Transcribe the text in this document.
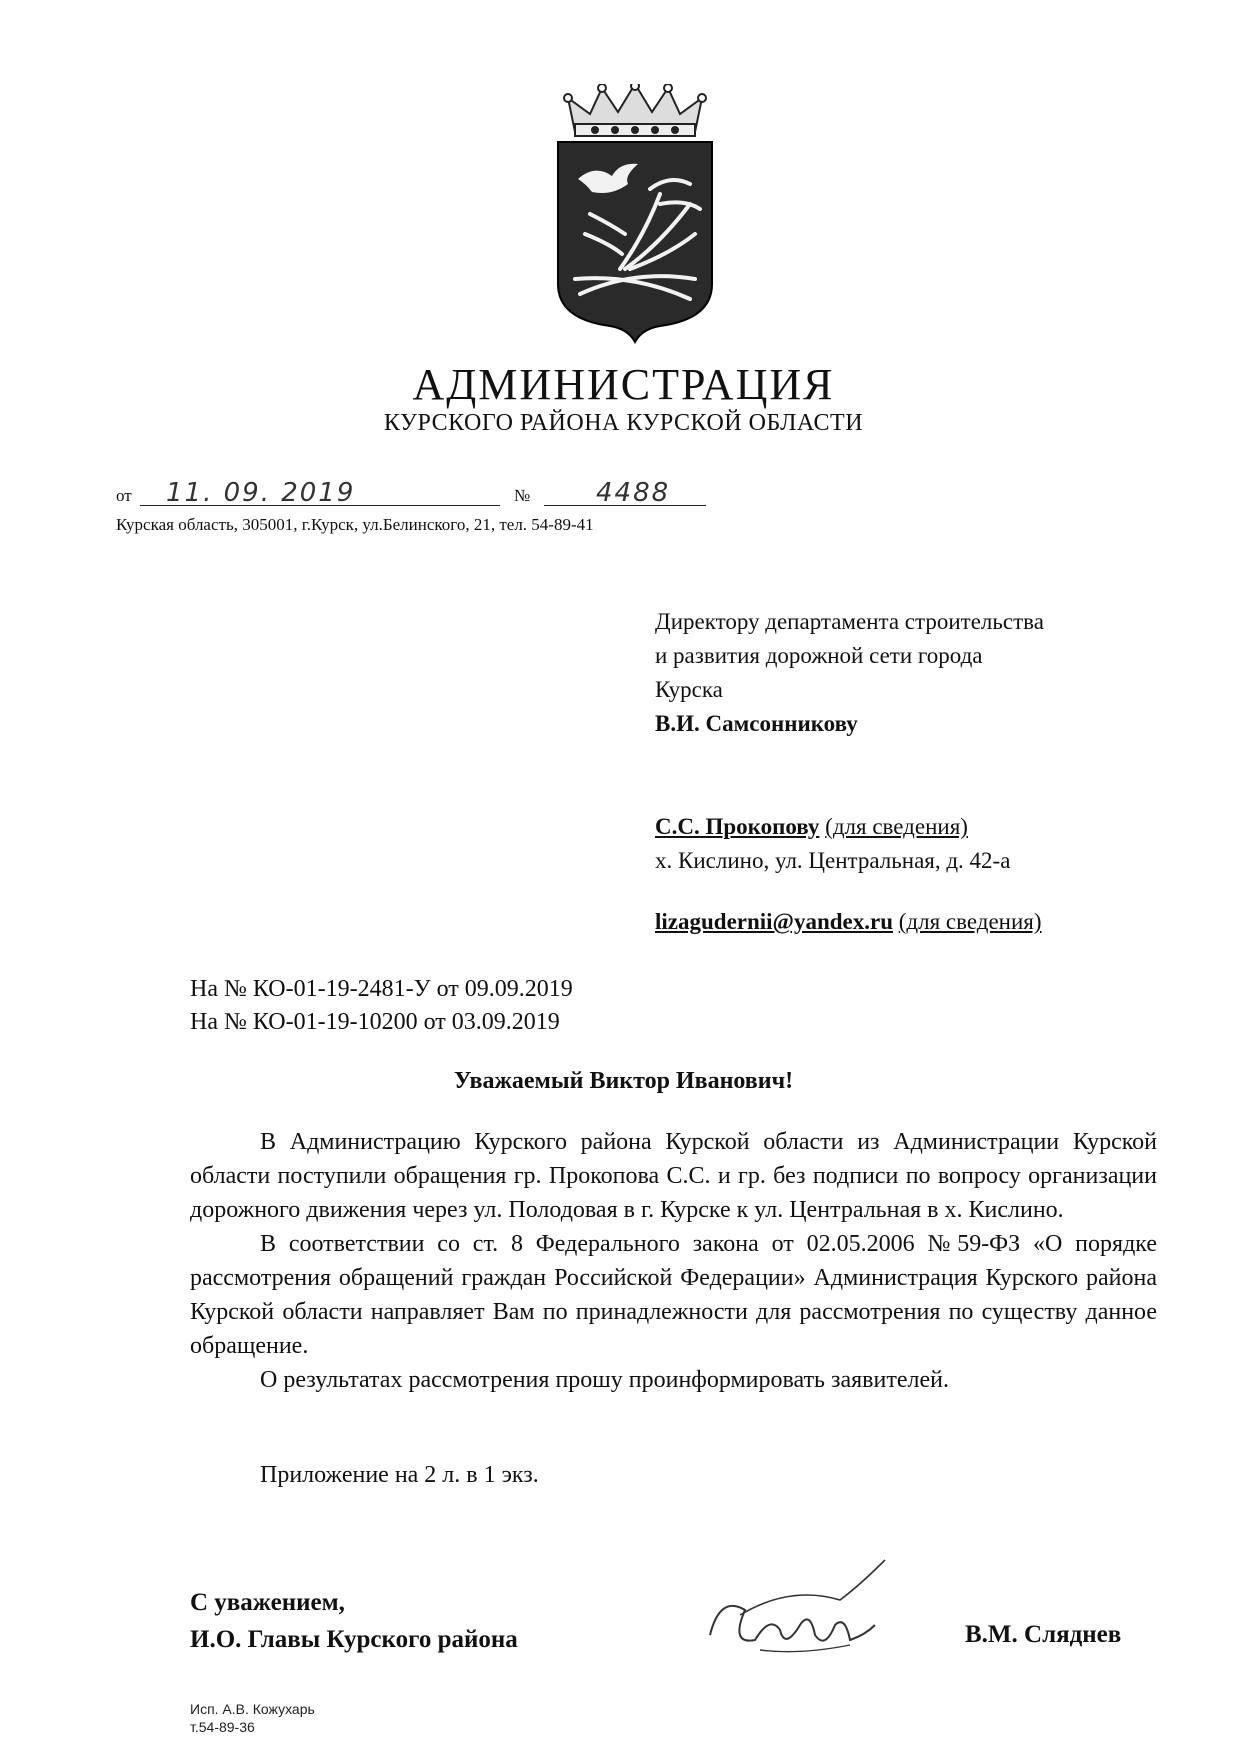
АДМИНИСТРАЦИЯ
КУРСКОГО РАЙОНА КУРСКОЙ ОБЛАСТИ
от 11. 09. 2019	№	4488
Курская область, 305001, г.Курск, ул.Белинского, 21, тел. 54-89-41
Директору департамента строительства
и развития дорожной сети города
Курска
В.И. Самсонникову
С.С. Прокопову (для сведения)
х. Кислино, ул. Центральная, д. 42-а
lizagudernii@yandex.ru (для сведения)
На № КО-01-19-2481-У от 09.09.2019
На № КО-01-19-10200 от 03.09.2019
Уважаемый Виктор Иванович!

В Администрацию Курского района Курской области из Администрации Курской области поступили обращения гр. Прокопова С.С. и гр. без подписи по вопросу организации дорожного движения через ул. Полодовая в г. Курске к ул. Центральная в х. Кислино.

В соответствии со ст. 8 Федерального закона от 02.05.2006 №59-ФЗ «О порядке рассмотрения обращений граждан Российской Федерации» Администрация Курского района Курской области направляет Вам по принадлежности для рассмотрения по существу данное обращение.

О результатах рассмотрения прошу проинформировать заявителей.

Приложение на 2 л. в 1 экз.
С уважением,
И.О. Главы Курского района	В.М. Сляднев
Исп. А.В. Кожухарь
т.54-89-36
